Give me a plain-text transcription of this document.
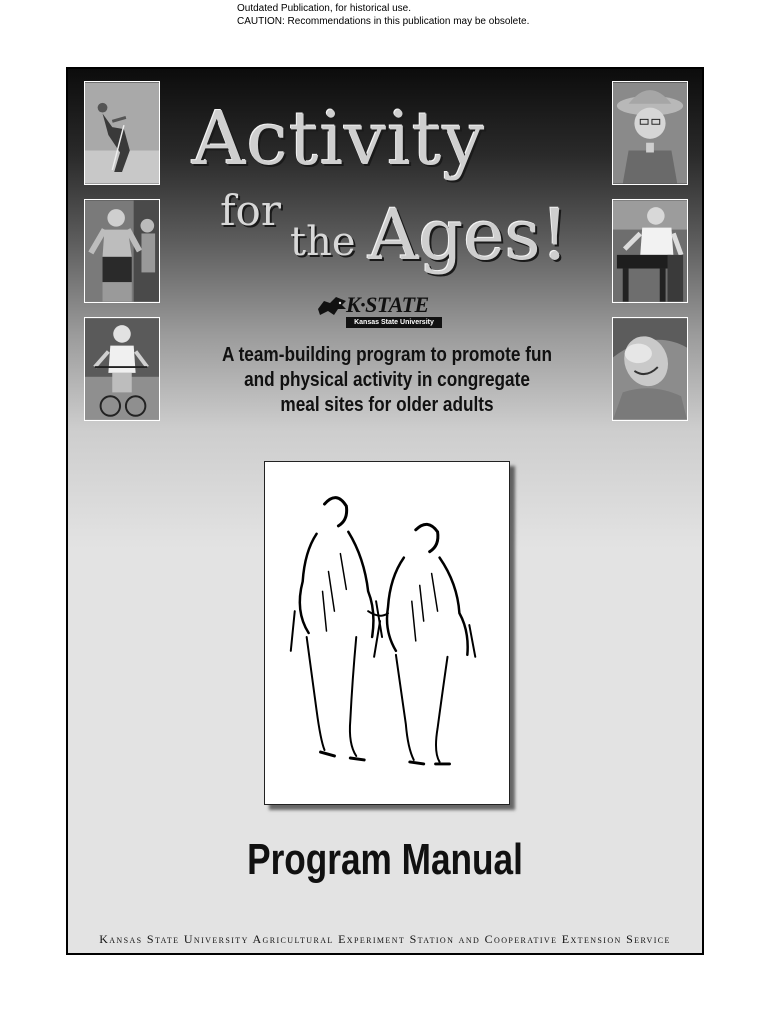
Outdated Publication, for historical use.
CAUTION: Recommendations in this publication may be obsolete.
Activity
for
the Ages!
K·STATE
Kansas State University
A team-building program to promote fun
and physical activity in congregate
meal sites for older adults
Program Manual
Kansas State University Agricultural Experiment Station and Cooperative Extension Service
